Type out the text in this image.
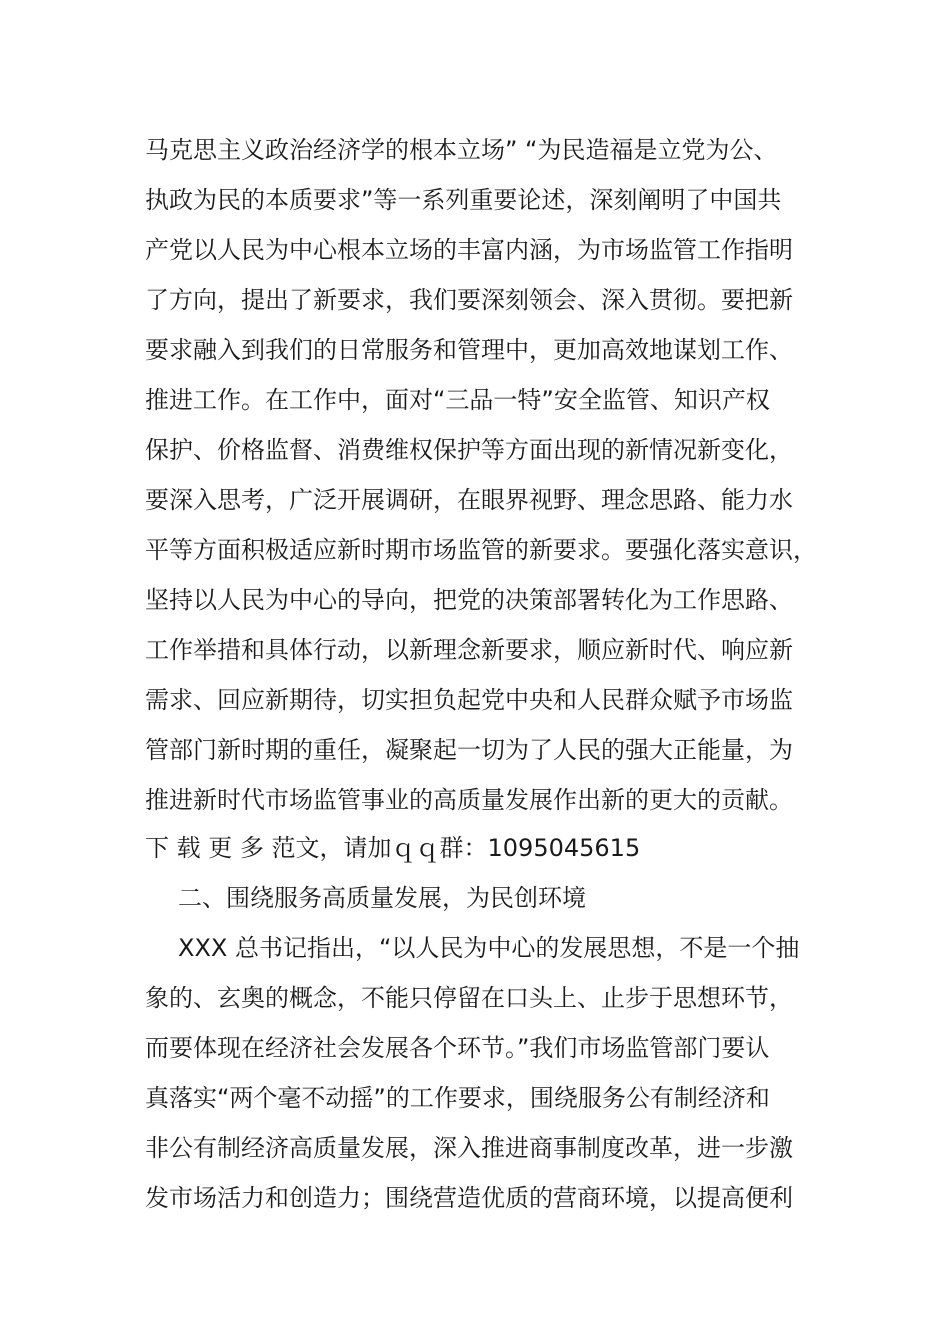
马克思主义政治经济学的根本立场” “为民造福是立党为公、
执政为民的本质要求”等一系列重要论述，深刻阐明了中国共
产党以人民为中心根本立场的丰富内涵，为市场监管工作指明
了方向，提出了新要求，我们要深刻领会、深入贯彻。要把新
要求融入到我们的日常服务和管理中，更加高效地谋划工作、
推进工作。在工作中，面对“三品一特”安全监管、知识产权
保护、价格监督、消费维权保护等方面出现的新情况新变化，
要深入思考，广泛开展调研，在眼界视野、理念思路、能力水
平等方面积极适应新时期市场监管的新要求。要强化落实意识，
坚持以人民为中心的导向，把党的决策部署转化为工作思路、
工作举措和具体行动，以新理念新要求，顺应新时代、响应新
需求、回应新期待，切实担负起党中央和人民群众赋予市场监
管部门新时期的重任，凝聚起一切为了人民的强大正能量，为
推进新时代市场监管事业的高质量发展作出新的更大的贡献。
下 载 更 多 范文，请加ｑｑ群：1095045615
二、围绕服务高质量发展，为民创环境
XXX 总书记指出，“以人民为中心的发展思想，不是一个抽
象的、玄奥的概念，不能只停留在口头上、止步于思想环节，
而要体现在经济社会发展各个环节。”我们市场监管部门要认
真落实“两个毫不动摇”的工作要求，围绕服务公有制经济和
非公有制经济高质量发展，深入推进商事制度改革，进一步激
发市场活力和创造力；围绕营造优质的营商环境，以提高便利
